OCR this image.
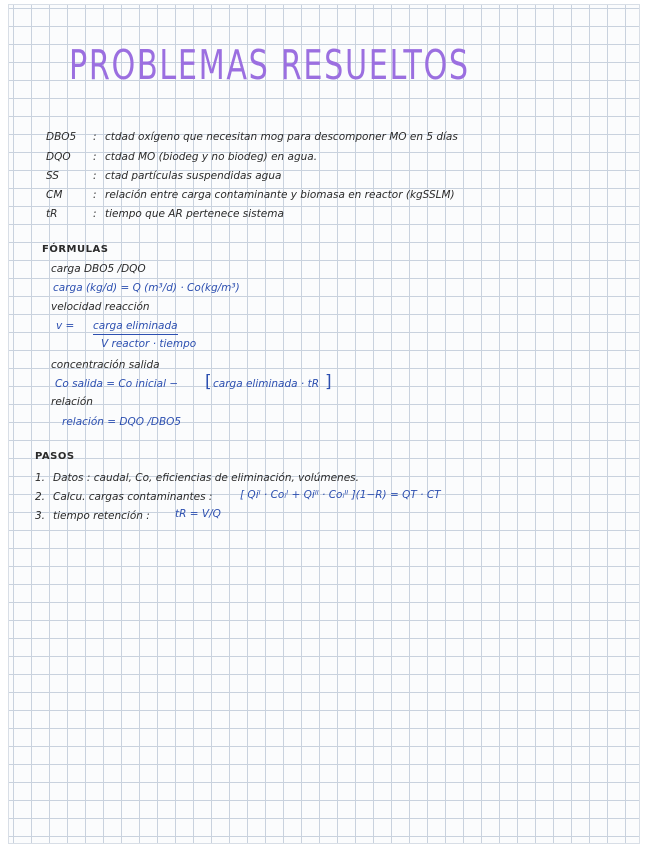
PROBLEMAS RESUELTOS
DBO5 : ctdad oxígeno que necesitan mog para descomponer MO en 5 días
DQO : ctdad MO (biodeg y no biodeg) en agua.
SS	: ctad partículas suspendidas agua
CM	: relación entre carga contaminante y biomasa en reactor (kgSSLM)
tR	: tiempo que AR pertenece sistema
FÓRMULAS
carga DBO5 /DQO
carga (kg/d) = Q (m³/d) · Co(kg/m³)
velocidad reacción
v = carga eliminada
V reactor · tiempo
concentración salida
Co salida = Co inicial − [ carga eliminada · tR ]
relación
relación = DQO /DBO5
PASOS
1. Datos : caudal, Co, eficiencias de eliminación, volúmenes.
2. Calcu. cargas contaminantes :	[ Qiᴵ · Coᵢᴵ + Qiᴵᴵ · Coᵢᴵᴵ ](1−R) = QT · CT
3. tiempo retención : tR = V/Q
